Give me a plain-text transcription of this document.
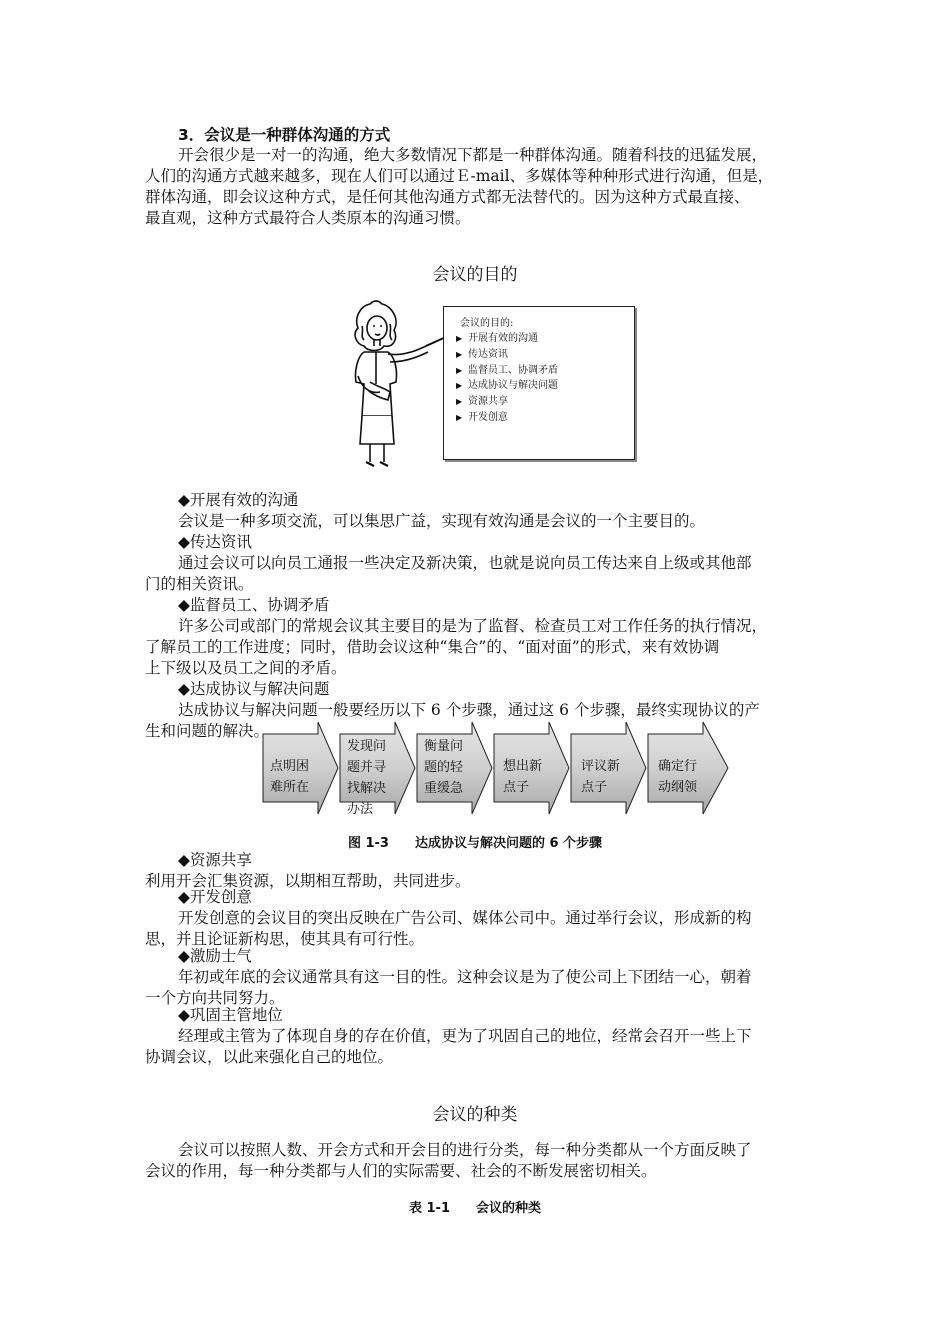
3．会议是一种群体沟通的方式
开会很少是一对一的沟通，绝大多数情况下都是一种群体沟通。随着科技的迅猛发展，
人们的沟通方式越来越多，现在人们可以通过Ｅ-mail、多媒体等种种形式进行沟通，但是，
群体沟通，即会议这种方式，是任何其他沟通方式都无法替代的。因为这种方式最直接、
最直观，这种方式最符合人类原本的沟通习惯。
会议的目的
会议的目的:
▶ 开展有效的沟通
▶ 传达资讯
▶ 监督员工、协调矛盾
▶ 达成协议与解决问题
▶ 资源共享
▶ 开发创意
◆开展有效的沟通
会议是一种多项交流，可以集思广益，实现有效沟通是会议的一个主要目的。
◆传达资讯
通过会议可以向员工通报一些决定及新决策，也就是说向员工传达来自上级或其他部
门的相关资讯。
◆监督员工、协调矛盾
许多公司或部门的常规会议其主要目的是为了监督、检查员工对工作任务的执行情况，
了解员工的工作进度；同时，借助会议这种“集合”的、“面对面”的形式，来有效协调
上下级以及员工之间的矛盾。
◆达成协议与解决问题
达成协议与解决问题一般要经历以下 6 个步骤，通过这 6 个步骤，最终实现协议的产
生和问题的解决。
点明困
难所在
发现问
题并寻
找解决
办法
衡量问
题的轻
重缓急
想出新
点子
评议新
点子
确定行
动纲领
图 1-3　　达成协议与解决问题的 6 个步骤
◆资源共享
利用开会汇集资源，以期相互帮助，共同进步。
◆开发创意
开发创意的会议目的突出反映在广告公司、媒体公司中。通过举行会议，形成新的构
思，并且论证新构思，使其具有可行性。
◆激励士气
年初或年底的会议通常具有这一目的性。这种会议是为了使公司上下团结一心，朝着
一个方向共同努力。
◆巩固主管地位
经理或主管为了体现自身的存在价值，更为了巩固自己的地位，经常会召开一些上下
协调会议，以此来强化自己的地位。
会议的种类
会议可以按照人数、开会方式和开会目的进行分类，每一种分类都从一个方面反映了
会议的作用，每一种分类都与人们的实际需要、社会的不断发展密切相关。
表 1-1　　会议的种类
